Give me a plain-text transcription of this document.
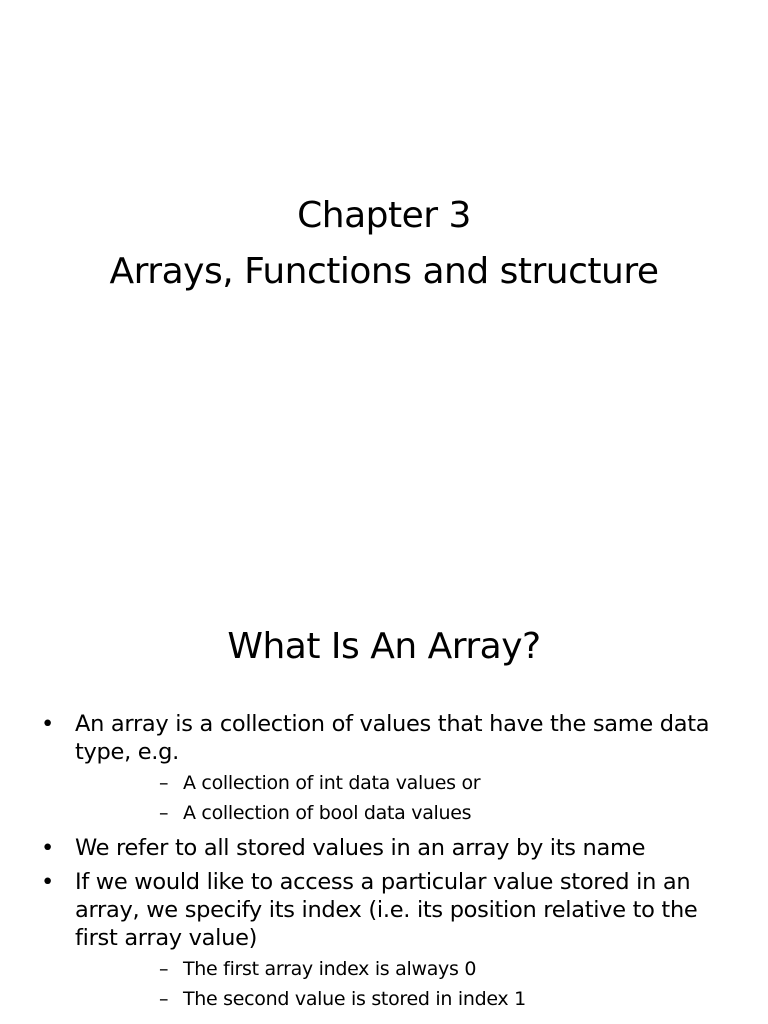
Chapter 3
Arrays, Functions and structure
What Is An Array?
• An array is a collection of values that have the same data type, e.g.
– A collection of int data values or
– A collection of bool data values
• We refer to all stored values in an array by its name
• If we would like to access a particular value stored in an array, we specify its index (i.e. its position relative to the first array value)
– The first array index is always 0
– The second value is stored in index 1
